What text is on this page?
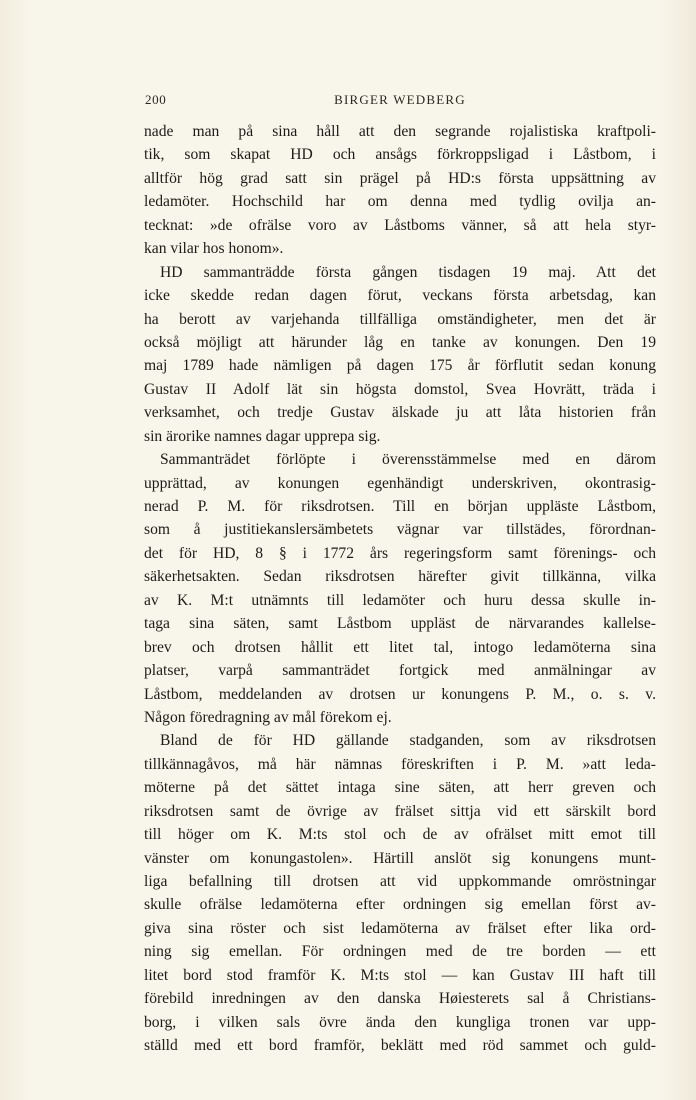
200	BIRGER WEDBERG
nade man på sina håll att den segrande rojalistiska kraftpoli-
tik, som skapat HD och ansågs förkroppsligad i Låstbom, i
alltför hög grad satt sin prägel på HD:s första uppsättning av
ledamöter. Hochschild har om denna med tydlig ovilja an-
tecknat: »de ofrälse voro av Låstboms vänner, så att hela styr-
kan vilar hos honom».
HD sammanträdde första gången tisdagen 19 maj. Att det
icke skedde redan dagen förut, veckans första arbetsdag, kan
ha berott av varjehanda tillfälliga omständigheter, men det är
också möjligt att härunder låg en tanke av konungen. Den 19
maj 1789 hade nämligen på dagen 175 år förflutit sedan konung
Gustav II Adolf lät sin högsta domstol, Svea Hovrätt, träda i
verksamhet, och tredje Gustav älskade ju att låta historien från
sin ärorike namnes dagar upprepa sig.
Sammanträdet förlöpte i överensstämmelse med en därom
upprättad, av konungen egenhändigt underskriven, okontrasig-
nerad P. M. för riksdrotsen. Till en början uppläste Låstbom,
som å justitiekanslersämbetets vägnar var tillstädes, förordnan-
det för HD, 8 § i 1772 års regeringsform samt förenings- och
säkerhetsakten. Sedan riksdrotsen härefter givit tillkänna, vilka
av K. M:t utnämnts till ledamöter och huru dessa skulle in-
taga sina säten, samt Låstbom uppläst de närvarandes kallelse-
brev och drotsen hållit ett litet tal, intogo ledamöterna sina
platser, varpå sammanträdet fortgick med anmälningar av
Låstbom, meddelanden av drotsen ur konungens P. M., o. s. v.
Någon föredragning av mål förekom ej.
Bland de för HD gällande stadganden, som av riksdrotsen
tillkännagåvos, må här nämnas föreskriften i P. M. »att leda-
möterne på det sättet intaga sine säten, att herr greven och
riksdrotsen samt de övrige av frälset sittja vid ett särskilt bord
till höger om K. M:ts stol och de av ofrälset mitt emot till
vänster om konungastolen». Härtill anslöt sig konungens munt-
liga befallning till drotsen att vid uppkommande omröstningar
skulle ofrälse ledamöterna efter ordningen sig emellan först av-
giva sina röster och sist ledamöterna av frälset efter lika ord-
ning sig emellan. För ordningen med de tre borden — ett
litet bord stod framför K. M:ts stol — kan Gustav III haft till
förebild inredningen av den danska Høiesterets sal å Christians-
borg, i vilken sals övre ända den kungliga tronen var upp-
ställd med ett bord framför, beklätt med röd sammet och guld-
